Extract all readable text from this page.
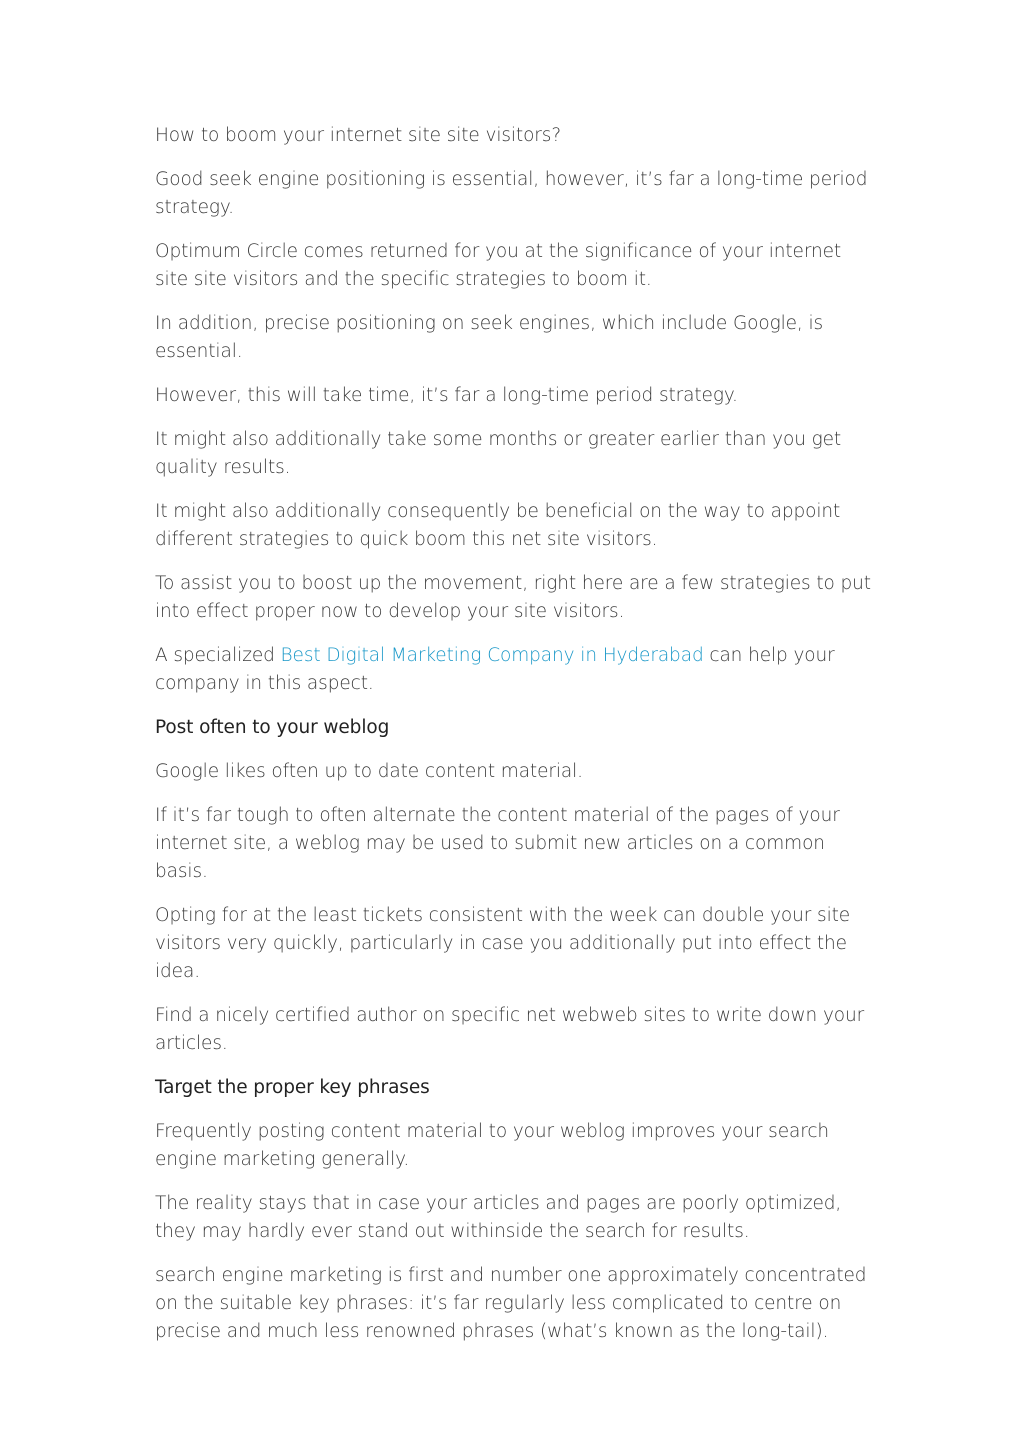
How to boom your internet site site visitors?

Good seek engine positioning is essential, however, it’s far a long-time period strategy.

Optimum Circle comes returned for you at the significance of your internet site site visitors and the specific strategies to boom it.

In addition, precise positioning on seek engines, which include Google, is essential.

However, this will take time, it’s far a long-time period strategy.

It might also additionally take some months or greater earlier than you get quality results.

It might also additionally consequently be beneficial on the way to appoint different strategies to quick boom this net site visitors.

To assist you to boost up the movement, right here are a few strategies to put into effect proper now to develop your site visitors.

A specialized Best Digital Marketing Company in Hyderabad can help your company in this aspect.

Post often to your weblog

Google likes often up to date content material.

If it’s far tough to often alternate the content material of the pages of your internet site, a weblog may be used to submit new articles on a common basis.

Opting for at the least tickets consistent with the week can double your site visitors very quickly, particularly in case you additionally put into effect the idea.

Find a nicely certified author on specific net webweb sites to write down your articles.

Target the proper key phrases

Frequently posting content material to your weblog improves your search engine marketing generally.

The reality stays that in case your articles and pages are poorly optimized, they may hardly ever stand out withinside the search for results.

search engine marketing is first and number one approximately concentrated on the suitable key phrases: it’s far regularly less complicated to centre on precise and much less renowned phrases (what’s known as the long-tail).
